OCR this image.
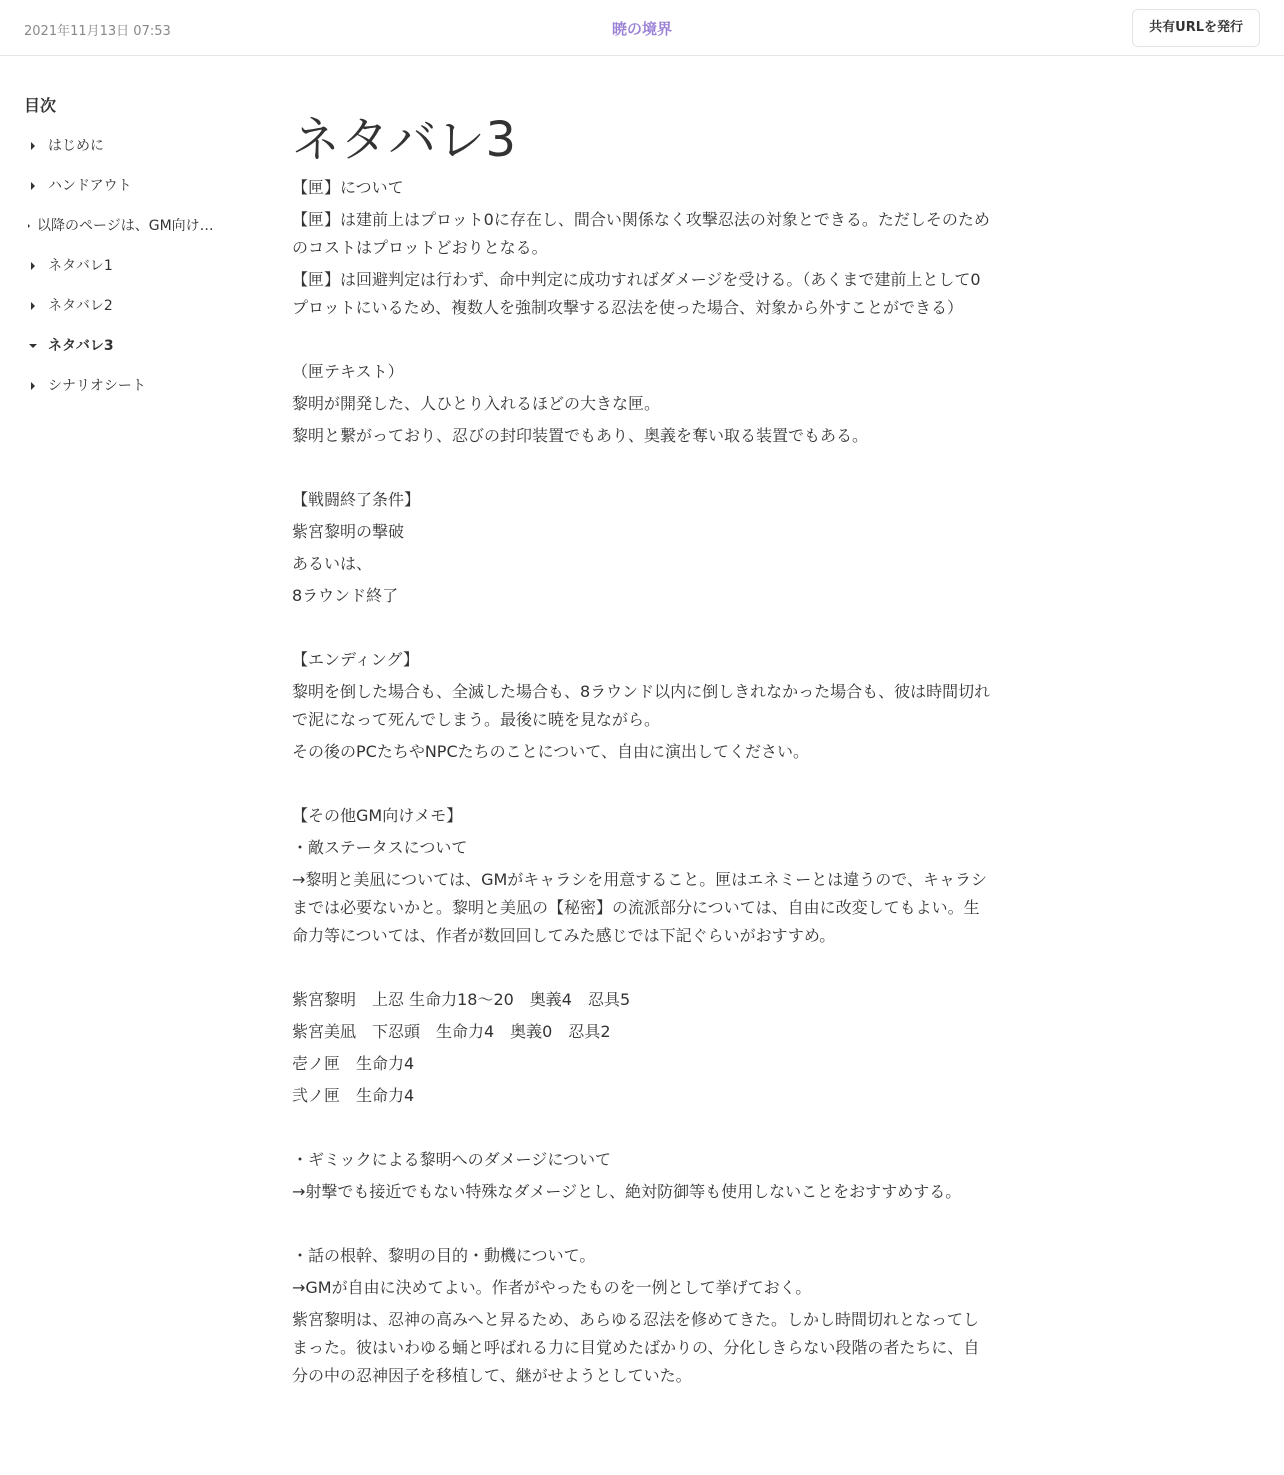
2021年11月13日 07:53	暁の境界	共有URLを発行
目次
はじめに
ハンドアウト
以降のページは、GM向け…
ネタバレ1
ネタバレ2
ネタバレ3
シナリオシート
ネタバレ3

【匣】について

【匣】は建前上はプロット0に存在し、間合い関係なく攻撃忍法の対象とできる。ただしそのためのコストはプロットどおりとなる。

【匣】は回避判定は行わず、命中判定に成功すればダメージを受ける。（あくまで建前上として0プロットにいるため、複数人を強制攻撃する忍法を使った場合、対象から外すことができる）

（匣テキスト）

黎明が開発した、人ひとり入れるほどの大きな匣。

黎明と繋がっており、忍びの封印装置でもあり、奥義を奪い取る装置でもある。

【戦闘終了条件】

紫宮黎明の撃破

あるいは、

8ラウンド終了

【エンディング】

黎明を倒した場合も、全滅した場合も、8ラウンド以内に倒しきれなかった場合も、彼は時間切れで泥になって死んでしまう。最後に暁を見ながら。

その後のPCたちやNPCたちのことについて、自由に演出してください。

【その他GM向けメモ】

・敵ステータスについて

→黎明と美凪については、GMがキャラシを用意すること。匣はエネミーとは違うので、キャラシまでは必要ないかと。黎明と美凪の【秘密】の流派部分については、自由に改変してもよい。生命力等については、作者が数回回してみた感じでは下記ぐらいがおすすめ。

紫宮黎明　上忍 生命力18～20　奥義4　忍具5

紫宮美凪　下忍頭　生命力4　奥義0　忍具2

壱ノ匣　生命力4

弐ノ匣　生命力4

・ギミックによる黎明へのダメージについて

→射撃でも接近でもない特殊なダメージとし、絶対防御等も使用しないことをおすすめする。

・話の根幹、黎明の目的・動機について。

→GMが自由に決めてよい。作者がやったものを一例として挙げておく。

紫宮黎明は、忍神の高みへと昇るため、あらゆる忍法を修めてきた。しかし時間切れとなってしまった。彼はいわゆる蛹と呼ばれる力に目覚めたばかりの、分化しきらない段階の者たちに、自分の中の忍神因子を移植して、継がせようとしていた。
